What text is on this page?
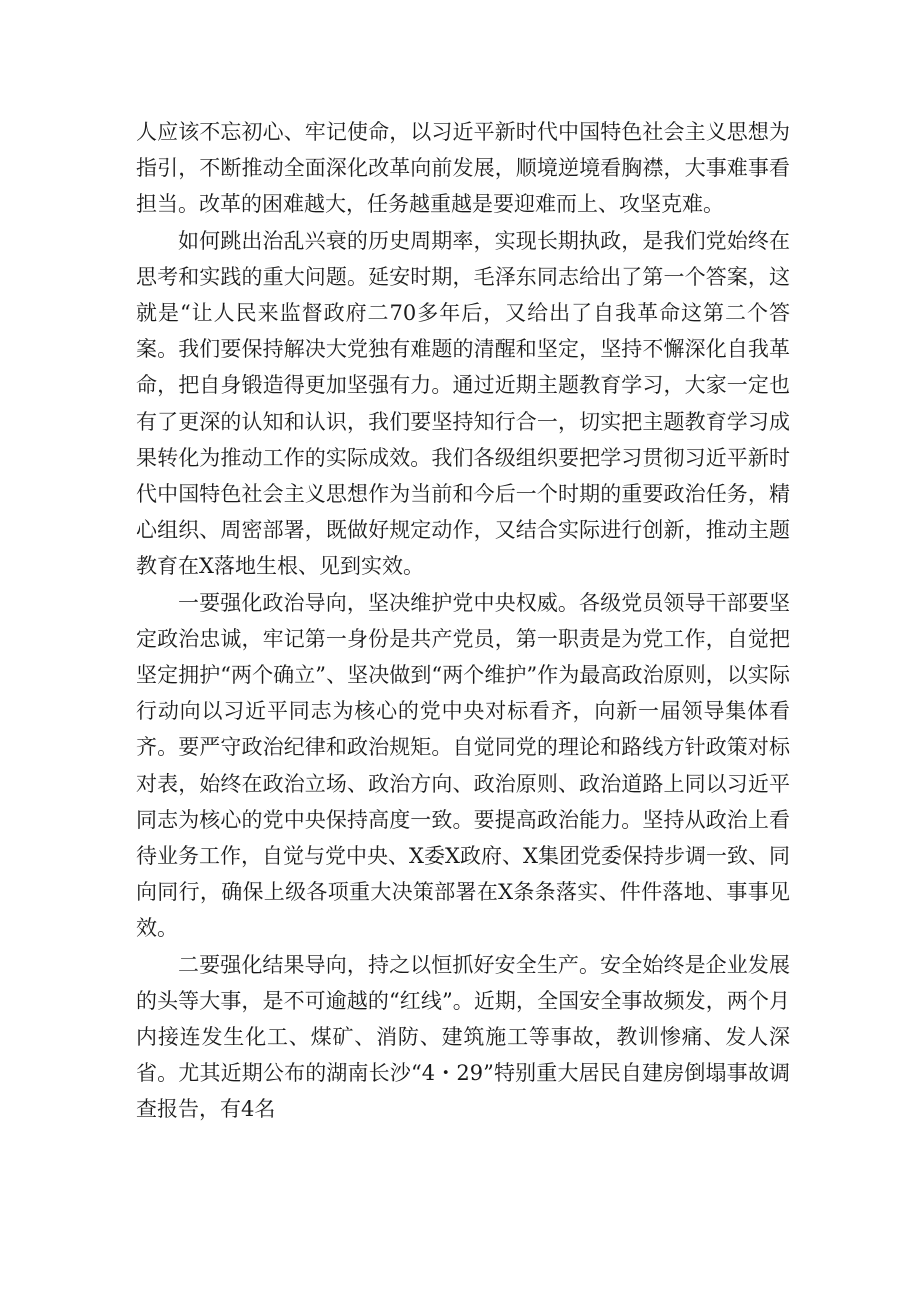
人应该不忘初心、牢记使命，以习近平新时代中国特色社会主义思想为指引，不断推动全面深化改革向前发展，顺境逆境看胸襟，大事难事看担当。改革的困难越大，任务越重越是要迎难而上、攻坚克难。

如何跳出治乱兴衰的历史周期率，实现长期执政，是我们党始终在思考和实践的重大问题。延安时期，毛泽东同志给出了第一个答案，这就是“让人民来监督政府二70多年后，又给出了自我革命这第二个答案。我们要保持解决大党独有难题的清醒和坚定，坚持不懈深化自我革命，把自身锻造得更加坚强有力。通过近期主题教育学习，大家一定也有了更深的认知和认识，我们要坚持知行合一，切实把主题教育学习成果转化为推动工作的实际成效。我们各级组织要把学习贯彻习近平新时代中国特色社会主义思想作为当前和今后一个时期的重要政治任务，精心组织、周密部署，既做好规定动作，又结合实际进行创新，推动主题教育在X落地生根、见到实效。

一要强化政治导向，坚决维护党中央权威。各级党员领导干部要坚定政治忠诚，牢记第一身份是共产党员，第一职责是为党工作，自觉把坚定拥护“两个确立”、坚决做到“两个维护”作为最高政治原则，以实际行动向以习近平同志为核心的党中央对标看齐，向新一届领导集体看齐。要严守政治纪律和政治规矩。自觉同党的理论和路线方针政策对标对表，始终在政治立场、政治方向、政治原则、政治道路上同以习近平同志为核心的党中央保持高度一致。要提高政治能力。坚持从政治上看待业务工作，自觉与党中央、X委X政府、X集团党委保持步调一致、同向同行，确保上级各项重大决策部署在X条条落实、件件落地、事事见效。

二要强化结果导向，持之以恒抓好安全生产。安全始终是企业发展的头等大事，是不可逾越的“红线”。近期，全国安全事故频发，两个月内接连发生化工、煤矿、消防、建筑施工等事故，教训惨痛、发人深省。尤其近期公布的湖南长沙“4・29”特别重大居民自建房倒塌事故调查报告，有4名
